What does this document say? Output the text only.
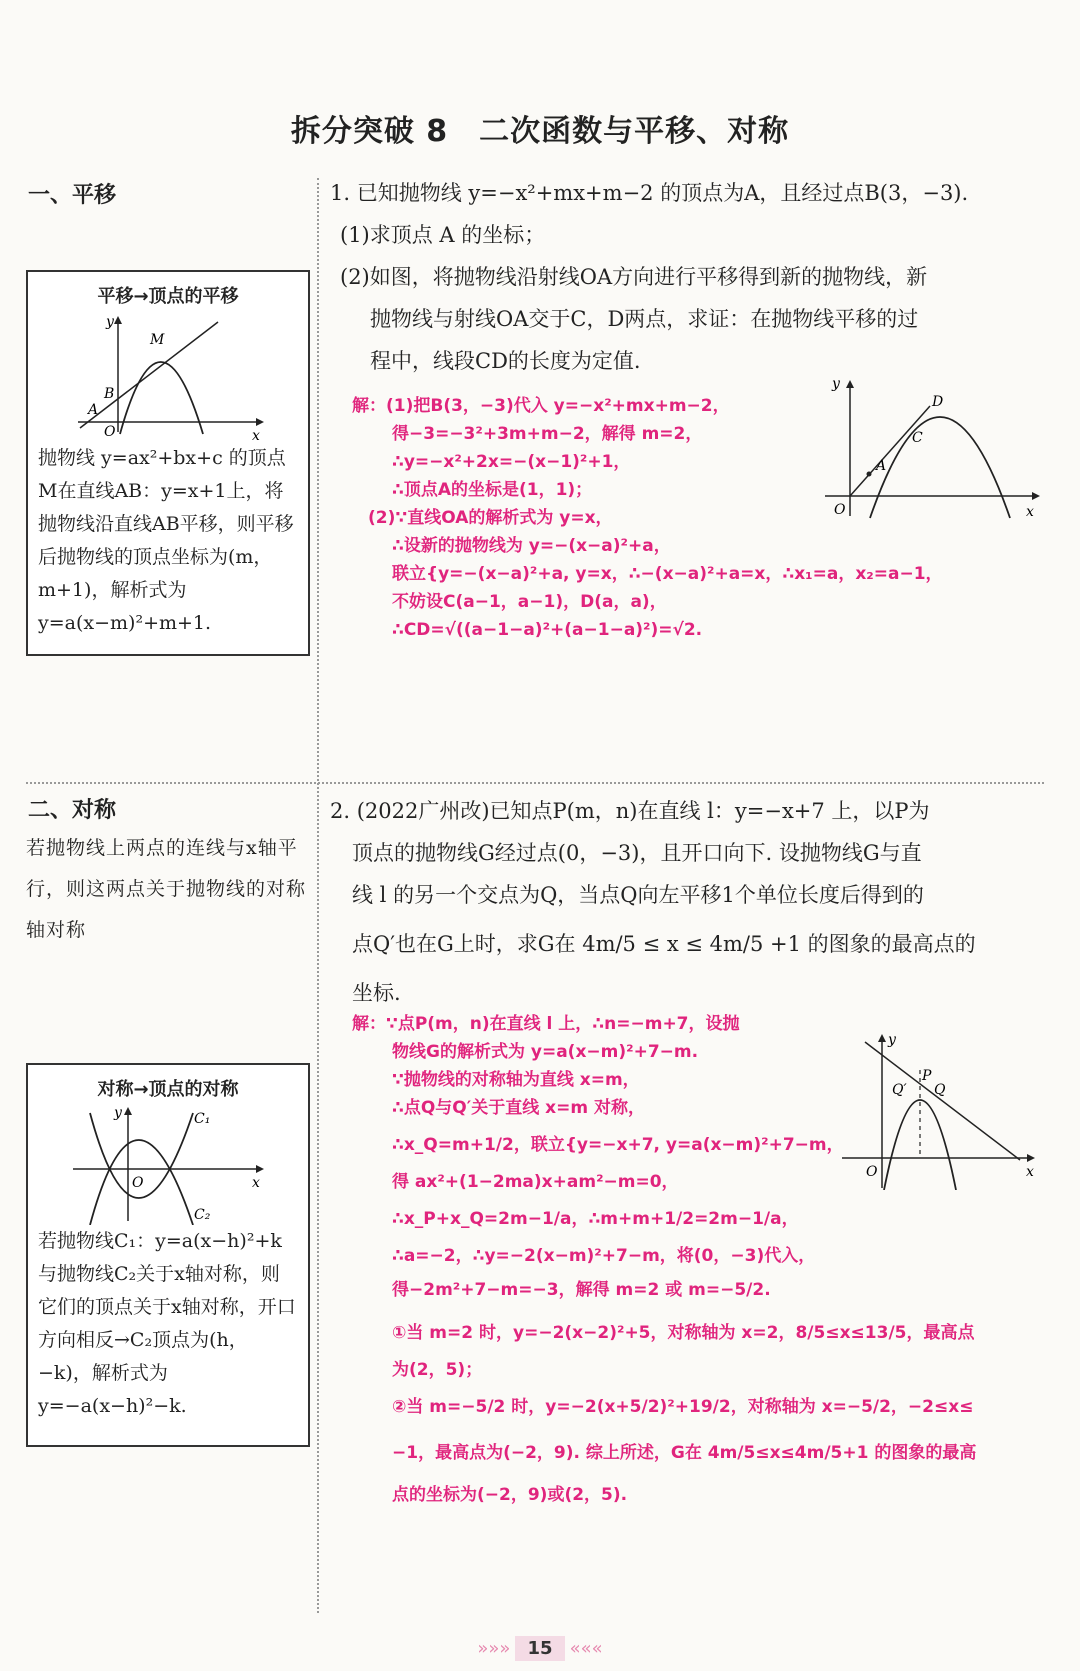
拆分突破 8　二次函数与平移、对称
一、平移
平移→顶点的平移
y
x
O
M
A
B
抛物线 y=ax²+bx+c 的顶点M在直线AB：y=x+1上，将抛物线沿直线AB平移，则平移后抛物线的顶点坐标为(m，m+1)，解析式为 y=a(x−m)²+m+1.

1. 已知抛物线 y=−x²+mx+m−2 的顶点为A，且经过点B(3，−3).

(1)求顶点 A 的坐标；

(2)如图，将抛物线沿射线OA方向进行平移得到新的抛物线，新

抛物线与射线OA交于C，D两点，求证：在抛物线平移的过

程中，线段CD的长度为定值.

y
x
O
A
C
D

解：(1)把B(3，−3)代入 y=−x²+mx+m−2，

得−3=−3²+3m+m−2，解得 m=2，

∴y=−x²+2x=−(x−1)²+1，

∴顶点A的坐标是(1，1)；

(2)∵直线OA的解析式为 y=x，

∴设新的抛物线为 y=−(x−a)²+a，

联立{y=−(x−a)²+a, y=x，∴−(x−a)²+a=x，∴x₁=a，x₂=a−1，

不妨设C(a−1，a−1)，D(a，a)，

∴CD=√((a−1−a)²+(a−1−a)²)=√2.

二、对称
若抛物线上两点的连线与x轴平行，则这两点关于抛物线的对称轴对称
对称→顶点的对称
y
x
O
C₁
C₂
若抛物线C₁：y=a(x−h)²+k与抛物线C₂关于x轴对称，则它们的顶点关于x轴对称，开口方向相反→C₂顶点为(h，−k)，解析式为y=−a(x−h)²−k.

2. (2022广州改)已知点P(m，n)在直线 l：y=−x+7 上，以P为

顶点的抛物线G经过点(0，−3)，且开口向下. 设抛物线G与直

线 l 的另一个交点为Q，当点Q向左平移1个单位长度后得到的

点Q′也在G上时，求G在 4m/5 ≤ x ≤ 4m/5 +1 的图象的最高点的

坐标.

y
x
O
P
Q
Q′

解：∵点P(m，n)在直线 l 上，∴n=−m+7，设抛

物线G的解析式为 y=a(x−m)²+7−m.

∵抛物线的对称轴为直线 x=m，

∴点Q与Q′关于直线 x=m 对称，

∴x_Q=m+1/2，联立{y=−x+7, y=a(x−m)²+7−m，

得 ax²+(1−2ma)x+am²−m=0，

∴x_P+x_Q=2m−1/a，∴m+m+1/2=2m−1/a，

∴a=−2，∴y=−2(x−m)²+7−m，将(0，−3)代入，

得−2m²+7−m=−3，解得 m=2 或 m=−5/2.

①当 m=2 时，y=−2(x−2)²+5，对称轴为 x=2，8/5≤x≤13/5，最高点

为(2，5)；

②当 m=−5/2 时，y=−2(x+5/2)²+19/2，对称轴为 x=−5/2，−2≤x≤

−1，最高点为(−2，9). 综上所述，G在 4m/5≤x≤4m/5+1 的图象的最高

点的坐标为(−2，9)或(2，5).

»»» 15 «««
